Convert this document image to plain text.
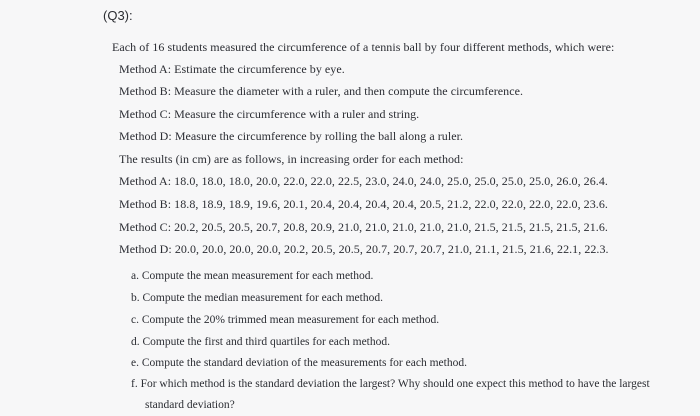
(Q3):
Each of 16 students measured the circumference of a tennis ball by four different methods, which were:
Method A: Estimate the circumference by eye.
Method B: Measure the diameter with a ruler, and then compute the circumference.
Method C: Measure the circumference with a ruler and string.
Method D: Measure the circumference by rolling the ball along a ruler.
The results (in cm) are as follows, in increasing order for each method:
Method A: 18.0, 18.0, 18.0, 20.0, 22.0, 22.0, 22.5, 23.0, 24.0, 24.0, 25.0, 25.0, 25.0, 25.0, 26.0, 26.4.
Method B: 18.8, 18.9, 18.9, 19.6, 20.1, 20.4, 20.4, 20.4, 20.4, 20.5, 21.2, 22.0, 22.0, 22.0, 22.0, 23.6.
Method C: 20.2, 20.5, 20.5, 20.7, 20.8, 20.9, 21.0, 21.0, 21.0, 21.0, 21.0, 21.5, 21.5, 21.5, 21.5, 21.6.
Method D: 20.0, 20.0, 20.0, 20.0, 20.2, 20.5, 20.5, 20.7, 20.7, 20.7, 21.0, 21.1, 21.5, 21.6, 22.1, 22.3.
a. Compute the mean measurement for each method.
b. Compute the median measurement for each method.
c. Compute the 20% trimmed mean measurement for each method.
d. Compute the first and third quartiles for each method.
e. Compute the standard deviation of the measurements for each method.
f. For which method is the standard deviation the largest? Why should one expect this method to have the largest
standard deviation?
